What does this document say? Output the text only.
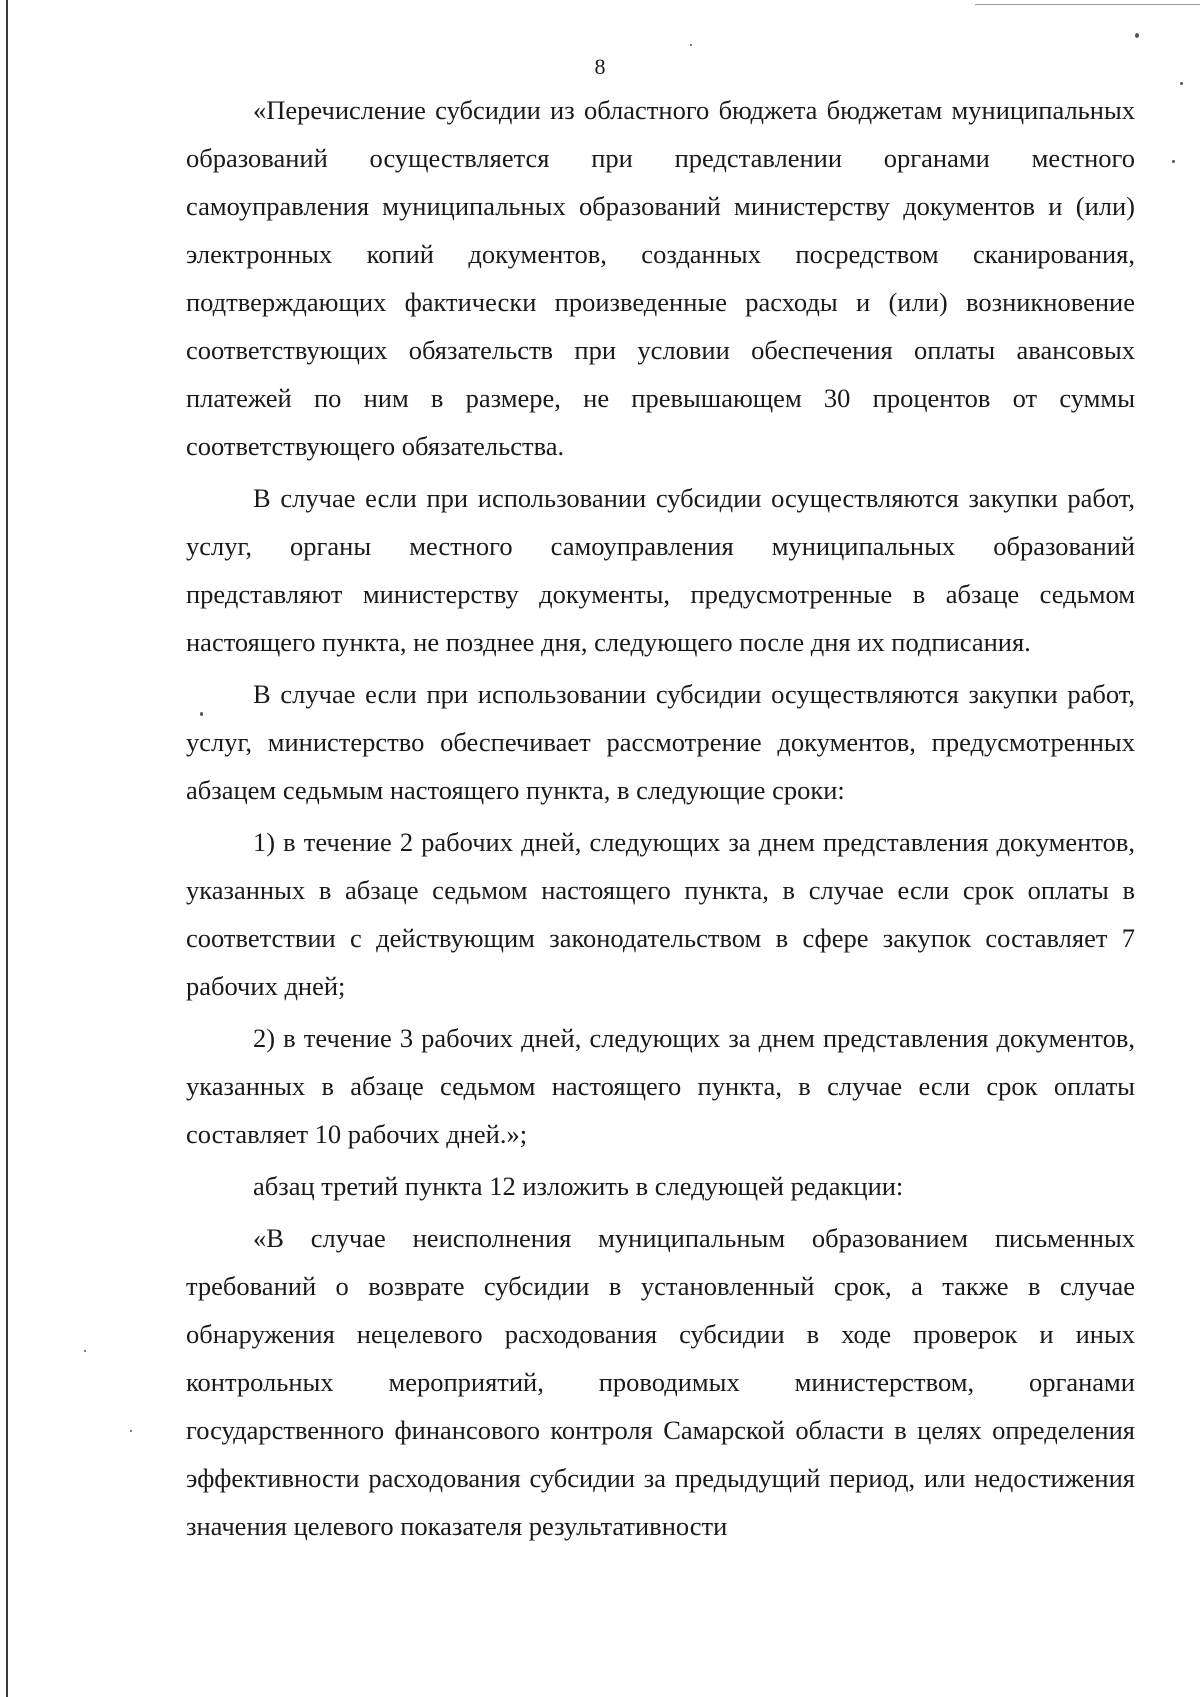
8

«Перечисление субсидии из областного бюджета бюджетам муниципальных образований осуществляется при представлении органами местного самоуправления муниципальных образований министерству документов и (или) электронных копий документов, созданных посредством сканирования, подтверждающих фактически произведенные расходы и (или) возникновение соответствующих обязательств при условии обеспечения оплаты авансовых платежей по ним в размере, не превышающем 30 процентов от суммы соответствующего обязательства.

В случае если при использовании субсидии осуществляются закупки работ, услуг, органы местного самоуправления муниципальных образований представляют министерству документы, предусмотренные в абзаце седьмом настоящего пункта, не позднее дня, следующего после дня их подписания.

В случае если при использовании субсидии осуществляются закупки работ, услуг, министерство обеспечивает рассмотрение документов, предусмотренных абзацем седьмым настоящего пункта, в следующие сроки:

1) в течение 2 рабочих дней, следующих за днем представления документов, указанных в абзаце седьмом настоящего пункта, в случае если срок оплаты в соответствии с действующим законодательством в сфере закупок составляет 7 рабочих дней;

2) в течение 3 рабочих дней, следующих за днем представления документов, указанных в абзаце седьмом настоящего пункта, в случае если срок оплаты составляет 10 рабочих дней.»;

абзац третий пункта 12 изложить в следующей редакции:

«В случае неисполнения муниципальным образованием письменных требований о возврате субсидии в установленный срок, а также в случае обнаружения нецелевого расходования субсидии в ходе проверок и иных контрольных мероприятий, проводимых министерством, органами государственного финансового контроля Самарской области в целях определения эффективности расходования субсидии за предыдущий период, или недостижения значения целевого показателя результативности
